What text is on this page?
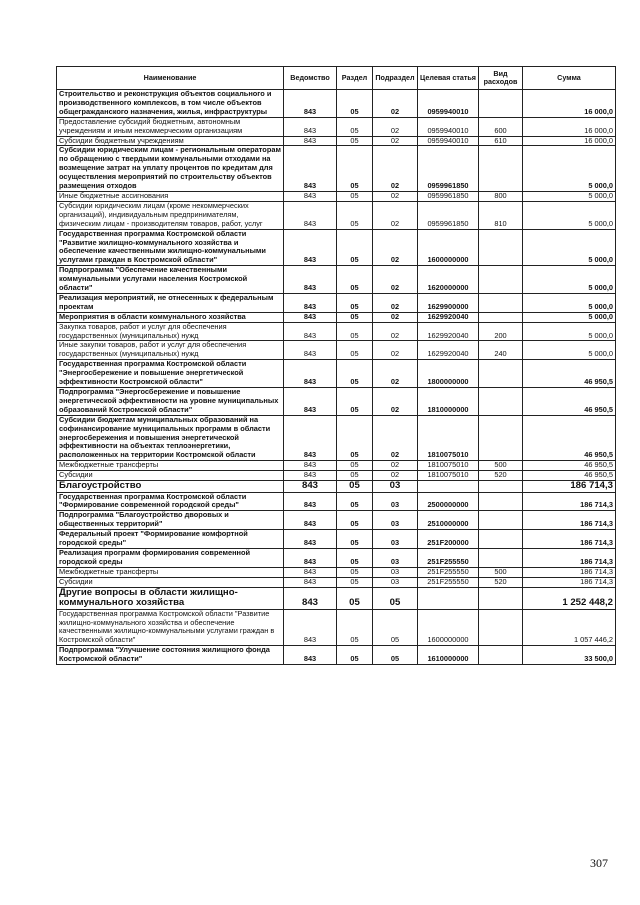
Наименование	Ведомство	Раздел	Подраздел	Целевая статья	Вид расходов	Сумма
Строительство и реконструкция объектов социального и производственного комплексов, в том числе объектов общегражданского назначения, жилья, инфраструктуры	843	05	02	0959940010		16 000,0
Предоставление субсидий бюджетным, автономным учреждениям и иным некоммерческим организациям	843	05	02	0959940010	600	16 000,0
Субсидии бюджетным учреждениям	843	05	02	0959940010	610	16 000,0
Субсидии юридическим лицам - региональным операторам по обращению с твердыми коммунальными отходами на возмещение затрат на уплату процентов по кредитам для осуществления мероприятий по строительству объектов размещения отходов	843	05	02	0959961850		5 000,0
Иные бюджетные ассигнования	843	05	02	0959961850	800	5 000,0
Субсидии юридическим лицам (кроме некоммерческих организаций), индивидуальным предпринимателям, физическим лицам - производителям товаров, работ, услуг	843	05	02	0959961850	810	5 000,0
Государственная программа Костромской области "Развитие жилищно-коммунального хозяйства и обеспечение качественными жилищно-коммунальными услугами граждан в Костромской области"	843	05	02	1600000000		5 000,0
Подпрограмма "Обеспечение качественными коммунальными услугами населения Костромской области"	843	05	02	1620000000		5 000,0
Реализация мероприятий, не отнесенных к федеральным проектам	843	05	02	1629900000		5 000,0
Мероприятия в области коммунального хозяйства	843	05	02	1629920040		5 000,0
Закупка товаров, работ и услуг для обеспечения государственных (муниципальных) нужд	843	05	02	1629920040	200	5 000,0
Иные закупки товаров, работ и услуг для обеспечения государственных (муниципальных) нужд	843	05	02	1629920040	240	5 000,0
Государственная программа Костромской области "Энергосбережение и повышение энергетической эффективности Костромской области"	843	05	02	1800000000		46 950,5
Подпрограмма "Энергосбережение и повышение энергетической эффективности на уровне муниципальных образований Костромской области"	843	05	02	1810000000		46 950,5
Субсидии бюджетам муниципальных образований на софинансирование муниципальных программ в области энергосбережения и повышения энергетической эффективности на объектах теплоэнергетики, расположенных на территории Костромской области	843	05	02	1810075010		46 950,5
Межбюджетные трансферты	843	05	02	1810075010	500	46 950,5
Субсидии	843	05	02	1810075010	520	46 950,5
Благоустройство	843	05	03			186 714,3
Государственная программа Костромской области "Формирование современной городской среды"	843	05	03	2500000000		186 714,3
Подпрограмма "Благоустройство дворовых и общественных территорий"	843	05	03	2510000000		186 714,3
Федеральный проект "Формирование комфортной городской среды"	843	05	03	251F200000		186 714,3
Реализация программ формирования современной городской среды	843	05	03	251F255550		186 714,3
Межбюджетные трансферты	843	05	03	251F255550	500	186 714,3
Субсидии	843	05	03	251F255550	520	186 714,3
Другие вопросы в области жилищно-коммунального хозяйства	843	05	05			1 252 448,2
Государственная программа Костромской области "Развитие жилищно-коммунального хозяйства и обеспечение качественными жилищно-коммунальными услугами граждан в Костромской области"	843	05	05	1600000000		1 057 446,2
Подпрограмма "Улучшение состояния жилищного фонда Костромской области"	843	05	05	1610000000		33 500,0
307
